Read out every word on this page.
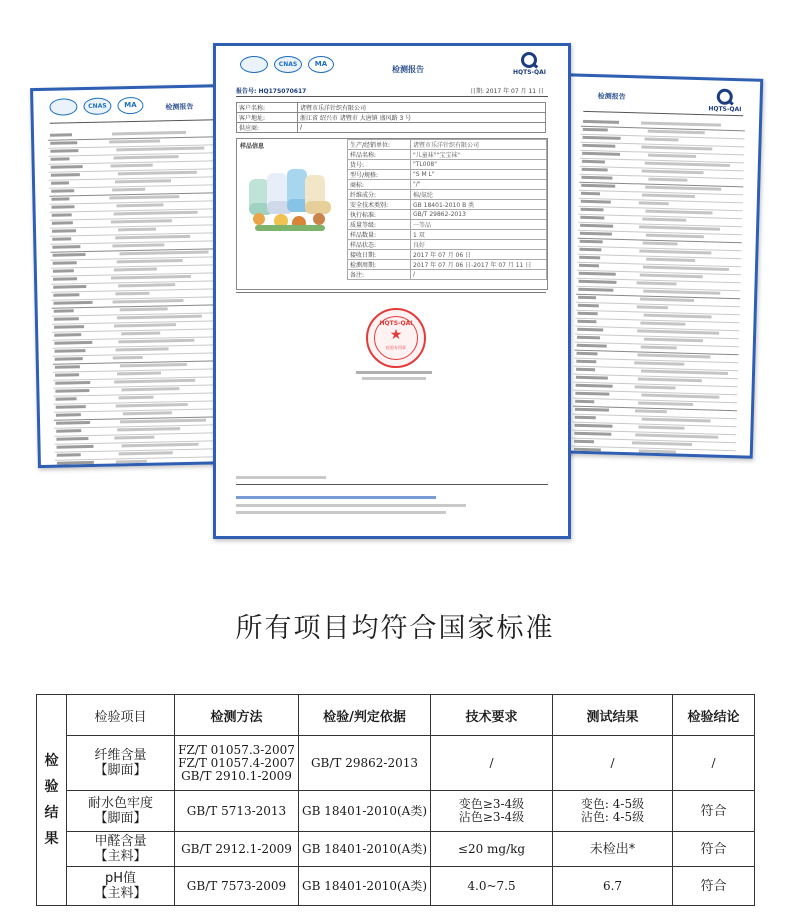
CNAS	MA	检测报告
检测报告
HQTS-QAI
CNAS	MA
检测报告	HQTS-QAI
报告号: HQ17S070617	日期: 2017 年 07 月 11 日
客户名称:	诸暨市乐洋针织有限公司
客户地址:	浙江省 绍兴市 诸暨市 大唐镇 盛风路 3 号
供应商:	/
样品信息	生产/经销单位:	诸暨市乐洋针织有限公司
样品名称:	"儿童袜""宝宝袜"
货号:	"TL008"
型号/规格:	"S M L"
商标:	"/"
纤维成分:	棉/氨纶
安全技术类别:	GB 18401-2010 B 类
执行标准:	GB/T 29862-2013
质量等级:	一等品
样品数量:	1 双
样品状态:	良好
接收日期:	2017 年 07 月 06 日
检测周期:	2017 年 07 月 06 日-2017 年 07 月 11 日
备注:	/
HQTS-QAI
★
检验专用章
所有项目均符合国家标准
检
验
结
果	检验项目	检测方法	检验/判定依据	技术要求	测试结果	检验结论

	纤维含量
【脚面】	FZ/T 01057.3-2007
FZ/T 01057.4-2007
GB/T 2910.1-2009	GB/T 29862-2013	/	/	/

	耐水色牢度
【脚面】	GB/T 5713-2013	GB 18401-2010(A类)	变色≥3-4级
沾色≥3-4级	变色: 4-5级
沾色: 4-5级	符合

	甲醛含量
【主料】	GB/T 2912.1-2009	GB 18401-2010(A类)	≤20 mg/kg	未检出*	符合

	pH值
【主料】	GB/T 7573-2009	GB 18401-2010(A类)	4.0~7.5	6.7	符合
